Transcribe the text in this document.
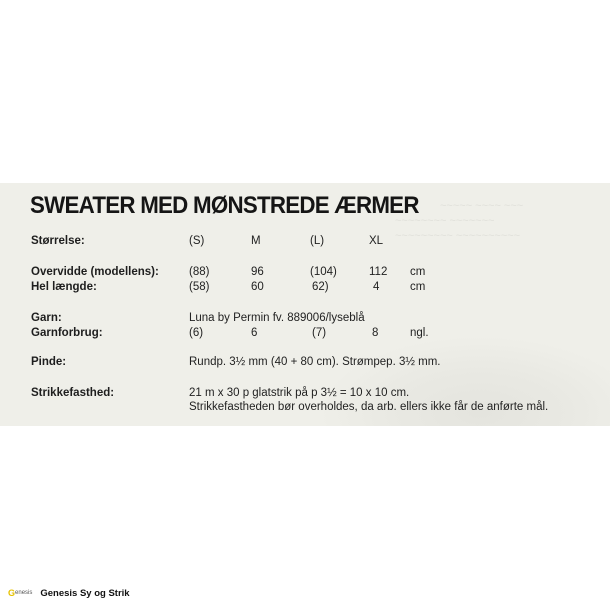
~~~~~ ~~~~ ~~~
~~~~~~~~ ~~~~~~~
~~~~~~~~~ ~~~~~~~~~~
SWEATER MED MØNSTREDE ÆRMER
Størrelse:	(S)	M	(L)	XL
Overvidde (modellens):	(88)	96	(104)	112 cm
Hel længde:	(58)	60	62)	4	cm
Garn:	Luna by Permin fv. 889006/lyseblå
Garnforbrug:	(6)	6	(7)	8	ngl.
Pinde:	Rundp. 3½ mm (40 + 80 cm). Strømpep. 3½ mm.
Strikkefasthed:	21 m x 30 p glatstrik på p 3½ = 10 x 10 cm.
Strikkefastheden bør overholdes, da arb. ellers ikke får de anførte mål.
G enesis Genesis Sy og Strik
